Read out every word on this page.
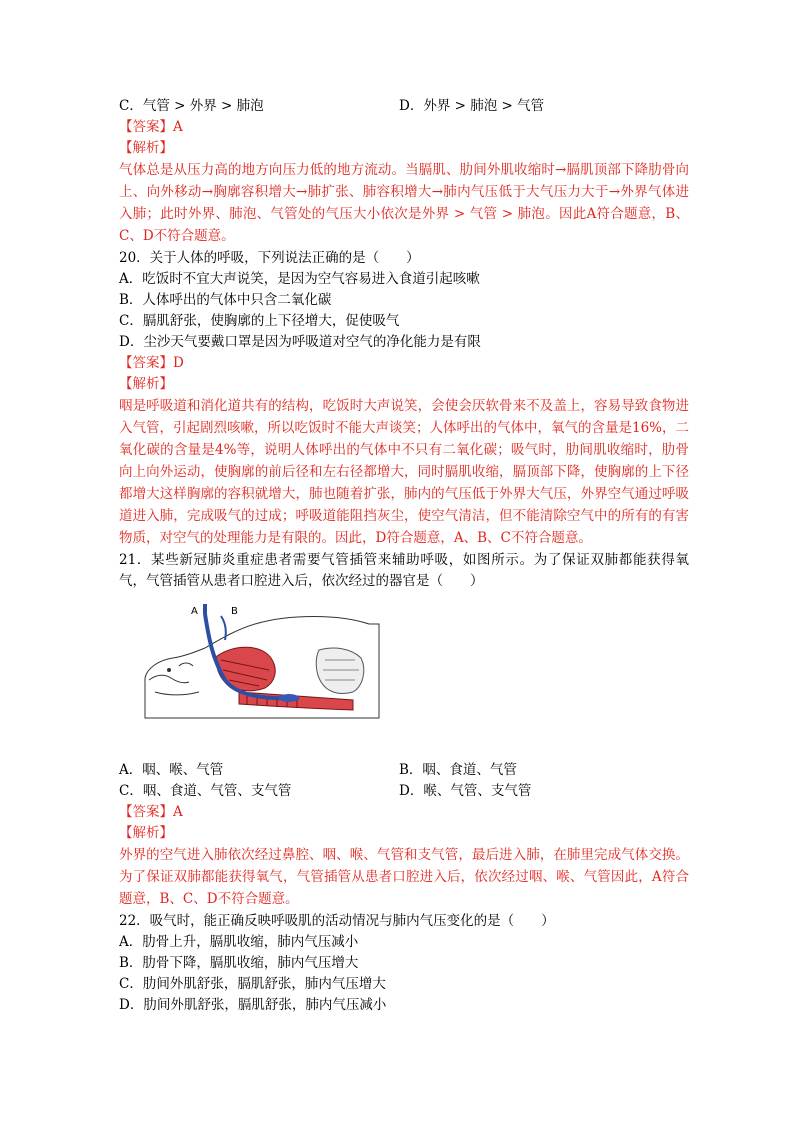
C．气管 > 外界 > 肺泡	D．外界 > 肺泡 > 气管
【答案】A
【解析】
气体总是从压力高的地方向压力低的地方流动。当膈肌、肋间外肌收缩时→膈肌顶部下降肋骨向上、向外移动→胸廓容积增大→肺扩张、肺容积增大→肺内气压低于大气压力大于→外界气体进入肺；此时外界、肺泡、气管处的气压大小依次是外界 > 气管 > 肺泡。因此A符合题意，B、C、D不符合题意。
20．关于人体的呼吸，下列说法正确的是（　　）
A．吃饭时不宜大声说笑，是因为空气容易进入食道引起咳嗽
B．人体呼出的气体中只含二氧化碳
C．膈肌舒张，使胸廓的上下径增大，促使吸气
D．尘沙天气要戴口罩是因为呼吸道对空气的净化能力是有限
【答案】D
【解析】
咽是呼吸道和消化道共有的结构，吃饭时大声说笑，会使会厌软骨来不及盖上，容易导致食物进入气管，引起剧烈咳嗽，所以吃饭时不能大声谈笑；人体呼出的气体中，氧气的含量是16%，二氧化碳的含量是4%等，说明人体呼出的气体中不只有二氧化碳；吸气时，肋间肌收缩时，肋骨向上向外运动，使胸廓的前后径和左右径都增大，同时膈肌收缩，膈顶部下降，使胸廓的上下径都增大这样胸廓的容积就增大，肺也随着扩张，肺内的气压低于外界大气压，外界空气通过呼吸道进入肺，完成吸气的过成；呼吸道能阻挡灰尘，使空气清洁，但不能清除空气中的所有的有害物质，对空气的处理能力是有限的。因此，D符合题意，A、B、C不符合题意。
21．某些新冠肺炎重症患者需要气管插管来辅助呼吸，如图所示。为了保证双肺都能获得氧气，气管插管从患者口腔进入后，依次经过的器官是（　　）
A	B
A．咽、喉、气管	B．咽、食道、气管
C．咽、食道、气管、支气管	D．喉、气管、支气管
【答案】A
【解析】
外界的空气进入肺依次经过鼻腔、咽、喉、气管和支气管，最后进入肺，在肺里完成气体交换。为了保证双肺都能获得氧气，气管插管从患者口腔进入后，依次经过咽、喉、气管因此，A符合题意，B、C、D不符合题意。
22．吸气时，能正确反映呼吸肌的活动情况与肺内气压变化的是（　　）
A．肋骨上升，膈肌收缩，肺内气压减小
B．肋骨下降，膈肌收缩，肺内气压增大
C．肋间外肌舒张，膈肌舒张，肺内气压增大
D．肋间外肌舒张，膈肌舒张，肺内气压减小
